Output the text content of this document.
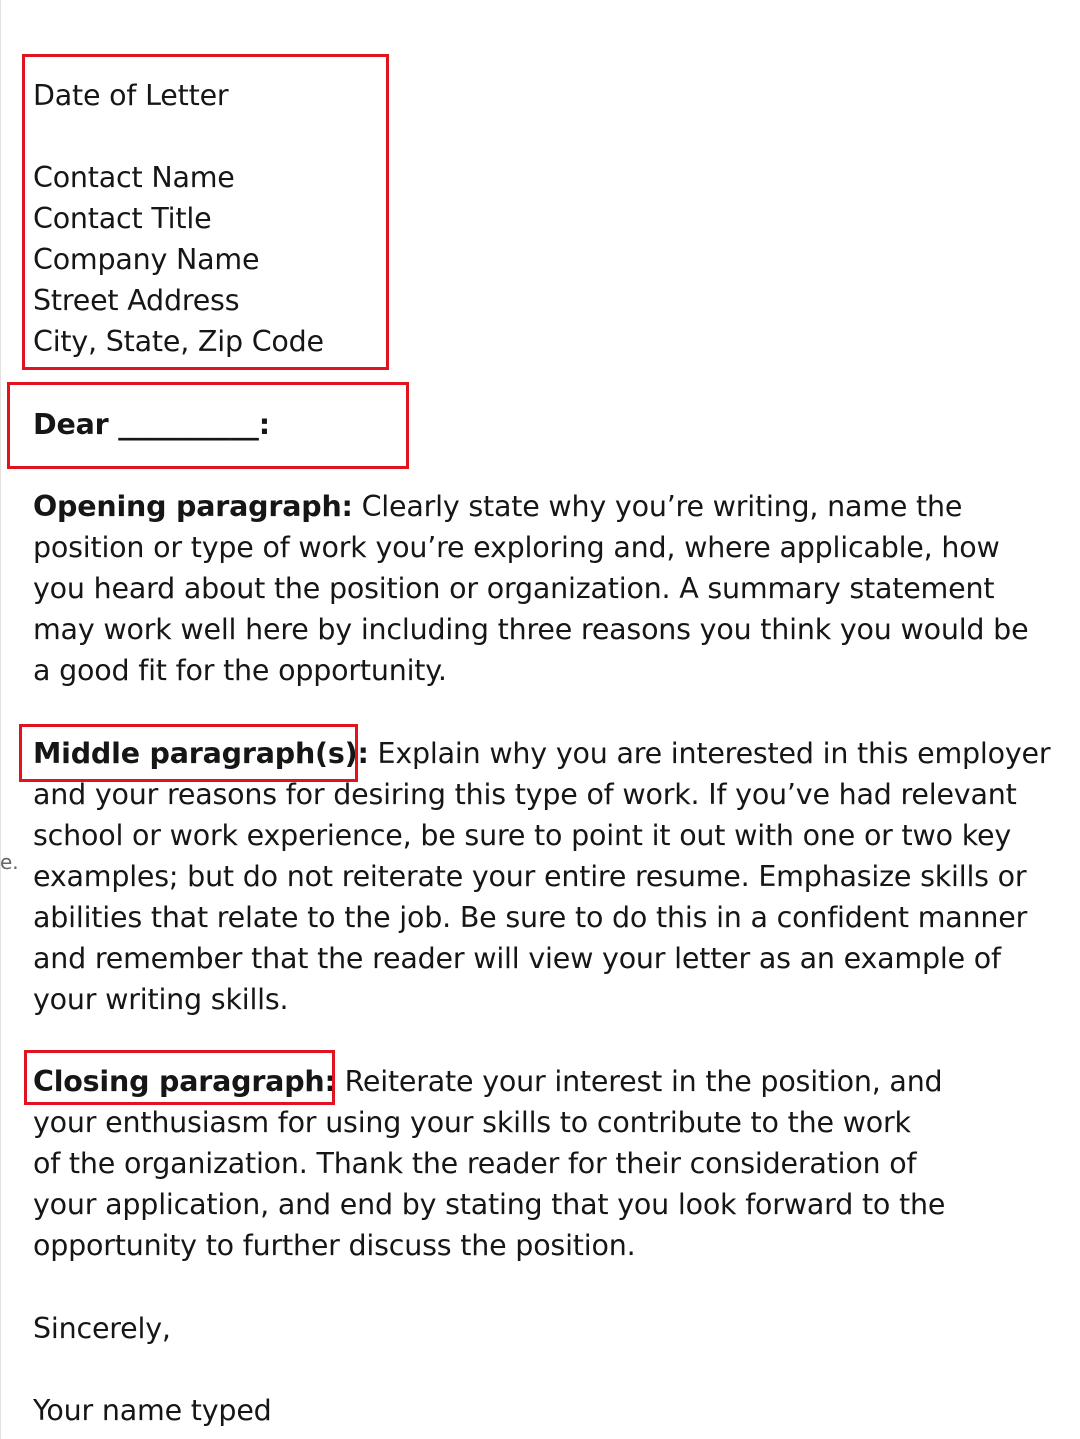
e.

Date of Letter

Contact Name

Contact Title

Company Name

Street Address

City, State, Zip Code

Dear __________:

Opening paragraph: Clearly state why you’re writing, name the
position or type of work you’re exploring and, where applicable, how
you heard about the position or organization. A summary statement
may work well here by including three reasons you think you would be
a good fit for the opportunity.
Middle paragraph(s): Explain why you are interested in this employer
and your reasons for desiring this type of work. If you’ve had relevant
school or work experience, be sure to point it out with one or two key
examples; but do not reiterate your entire resume. Emphasize skills or
abilities that relate to the job. Be sure to do this in a confident manner
and remember that the reader will view your letter as an example of
your writing skills.
Closing paragraph: Reiterate your interest in the position, and
your enthusiasm for using your skills to contribute to the work
of the organization. Thank the reader for their consideration of
your application, and end by stating that you look forward to the
opportunity to further discuss the position.

Sincerely,

Your name typed
